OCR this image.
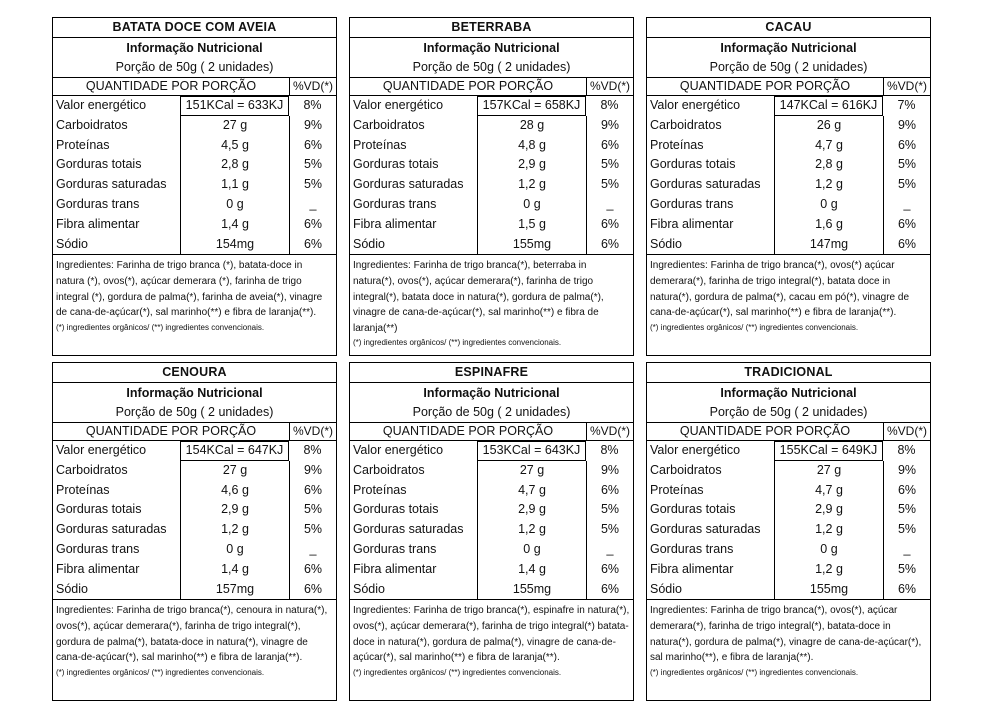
BATATA DOCE COM AVEIA
Informação Nutricional
Porção de 50g ( 2 unidades)
QUANTIDADE POR PORÇÃO	%VD(*)
Valor energético	151KCal = 633KJ	8%
Carboidratos	27 g	9%
Proteínas	4,5 g	6%
Gorduras totais	2,8 g	5%
Gorduras saturadas	1,1 g	5%
Gorduras trans	0 g	_
Fibra alimentar	1,4 g	6%
Sódio	154mg	6%
Ingredientes: Farinha de trigo branca (*), batata-doce in natura (*), ovos(*), açúcar demerara (*), farinha de trigo integral (*), gordura de palma(*), farinha de aveia(*), vinagre de cana-de-açúcar(*), sal marinho(**) e fibra de laranja(**).
(*) ingredientes orgânicos/ (**) ingredientes convencionais.
BETERRABA
Informação Nutricional
Porção de 50g ( 2 unidades)
QUANTIDADE POR PORÇÃO	%VD(*)
Valor energético	157KCal = 658KJ	8%
Carboidratos	28 g	9%
Proteínas	4,8 g	6%
Gorduras totais	2,9 g	5%
Gorduras saturadas	1,2 g	5%
Gorduras trans	0 g	_
Fibra alimentar	1,5 g	6%
Sódio	155mg	6%
Ingredientes: Farinha de trigo branca(*), beterraba in natura(*), ovos(*), açúcar demerara(*), farinha de trigo integral(*), batata doce in natura(*), gordura de palma(*), vinagre de cana-de-açúcar(*), sal marinho(**) e fibra de laranja(**)
(*) ingredientes orgânicos/ (**) ingredientes convencionais.
CACAU
Informação Nutricional
Porção de 50g ( 2 unidades)
QUANTIDADE POR PORÇÃO	%VD(*)
Valor energético	147KCal = 616KJ	7%
Carboidratos	26 g	9%
Proteínas	4,7 g	6%
Gorduras totais	2,8 g	5%
Gorduras saturadas	1,2 g	5%
Gorduras trans	0 g	_
Fibra alimentar	1,6 g	6%
Sódio	147mg	6%
Ingredientes: Farinha de trigo branca(*), ovos(*) açúcar demerara(*), farinha de trigo integral(*), batata doce in natura(*), gordura de palma(*), cacau em pó(*), vinagre de cana-de-açúcar(*), sal marinho(**) e fibra de laranja(**).
(*) ingredientes orgânicos/ (**) ingredientes convencionais.
CENOURA
Informação Nutricional
Porção de 50g ( 2 unidades)
QUANTIDADE POR PORÇÃO	%VD(*)
Valor energético	154KCal = 647KJ	8%
Carboidratos	27 g	9%
Proteínas	4,6 g	6%
Gorduras totais	2,9 g	5%
Gorduras saturadas	1,2 g	5%
Gorduras trans	0 g	_
Fibra alimentar	1,4 g	6%
Sódio	157mg	6%
Ingredientes: Farinha de trigo branca(*), cenoura in natura(*), ovos(*), açúcar demerara(*), farinha de trigo integral(*), gordura de palma(*), batata-doce in natura(*), vinagre de cana-de-açúcar(*), sal marinho(**) e fibra de laranja(**).
(*) ingredientes orgânicos/ (**) ingredientes convencionais.
ESPINAFRE
Informação Nutricional
Porção de 50g ( 2 unidades)
QUANTIDADE POR PORÇÃO	%VD(*)
Valor energético	153KCal = 643KJ	8%
Carboidratos	27 g	9%
Proteínas	4,7 g	6%
Gorduras totais	2,9 g	5%
Gorduras saturadas	1,2 g	5%
Gorduras trans	0 g	_
Fibra alimentar	1,4 g	6%
Sódio	155mg	6%
Ingredientes: Farinha de trigo branca(*), espinafre in natura(*), ovos(*), açúcar demerara(*), farinha de trigo integral(*) batata-doce in natura(*), gordura de palma(*), vinagre de cana-de-açúcar(*), sal marinho(**) e fibra de laranja(**).
(*) ingredientes orgânicos/ (**) ingredientes convencionais.
TRADICIONAL
Informação Nutricional
Porção de 50g ( 2 unidades)
QUANTIDADE POR PORÇÃO	%VD(*)
Valor energético	155KCal = 649KJ	8%
Carboidratos	27 g	9%
Proteínas	4,7 g	6%
Gorduras totais	2,9 g	5%
Gorduras saturadas	1,2 g	5%
Gorduras trans	0 g	_
Fibra alimentar	1,2 g	5%
Sódio	155mg	6%
Ingredientes: Farinha de trigo branca(*), ovos(*), açúcar demerara(*), farinha de trigo integral(*), batata-doce in natura(*), gordura de palma(*), vinagre de cana-de-açúcar(*), sal marinho(**), e fibra de laranja(**).
(*) ingredientes orgânicos/ (**) ingredientes convencionais.
